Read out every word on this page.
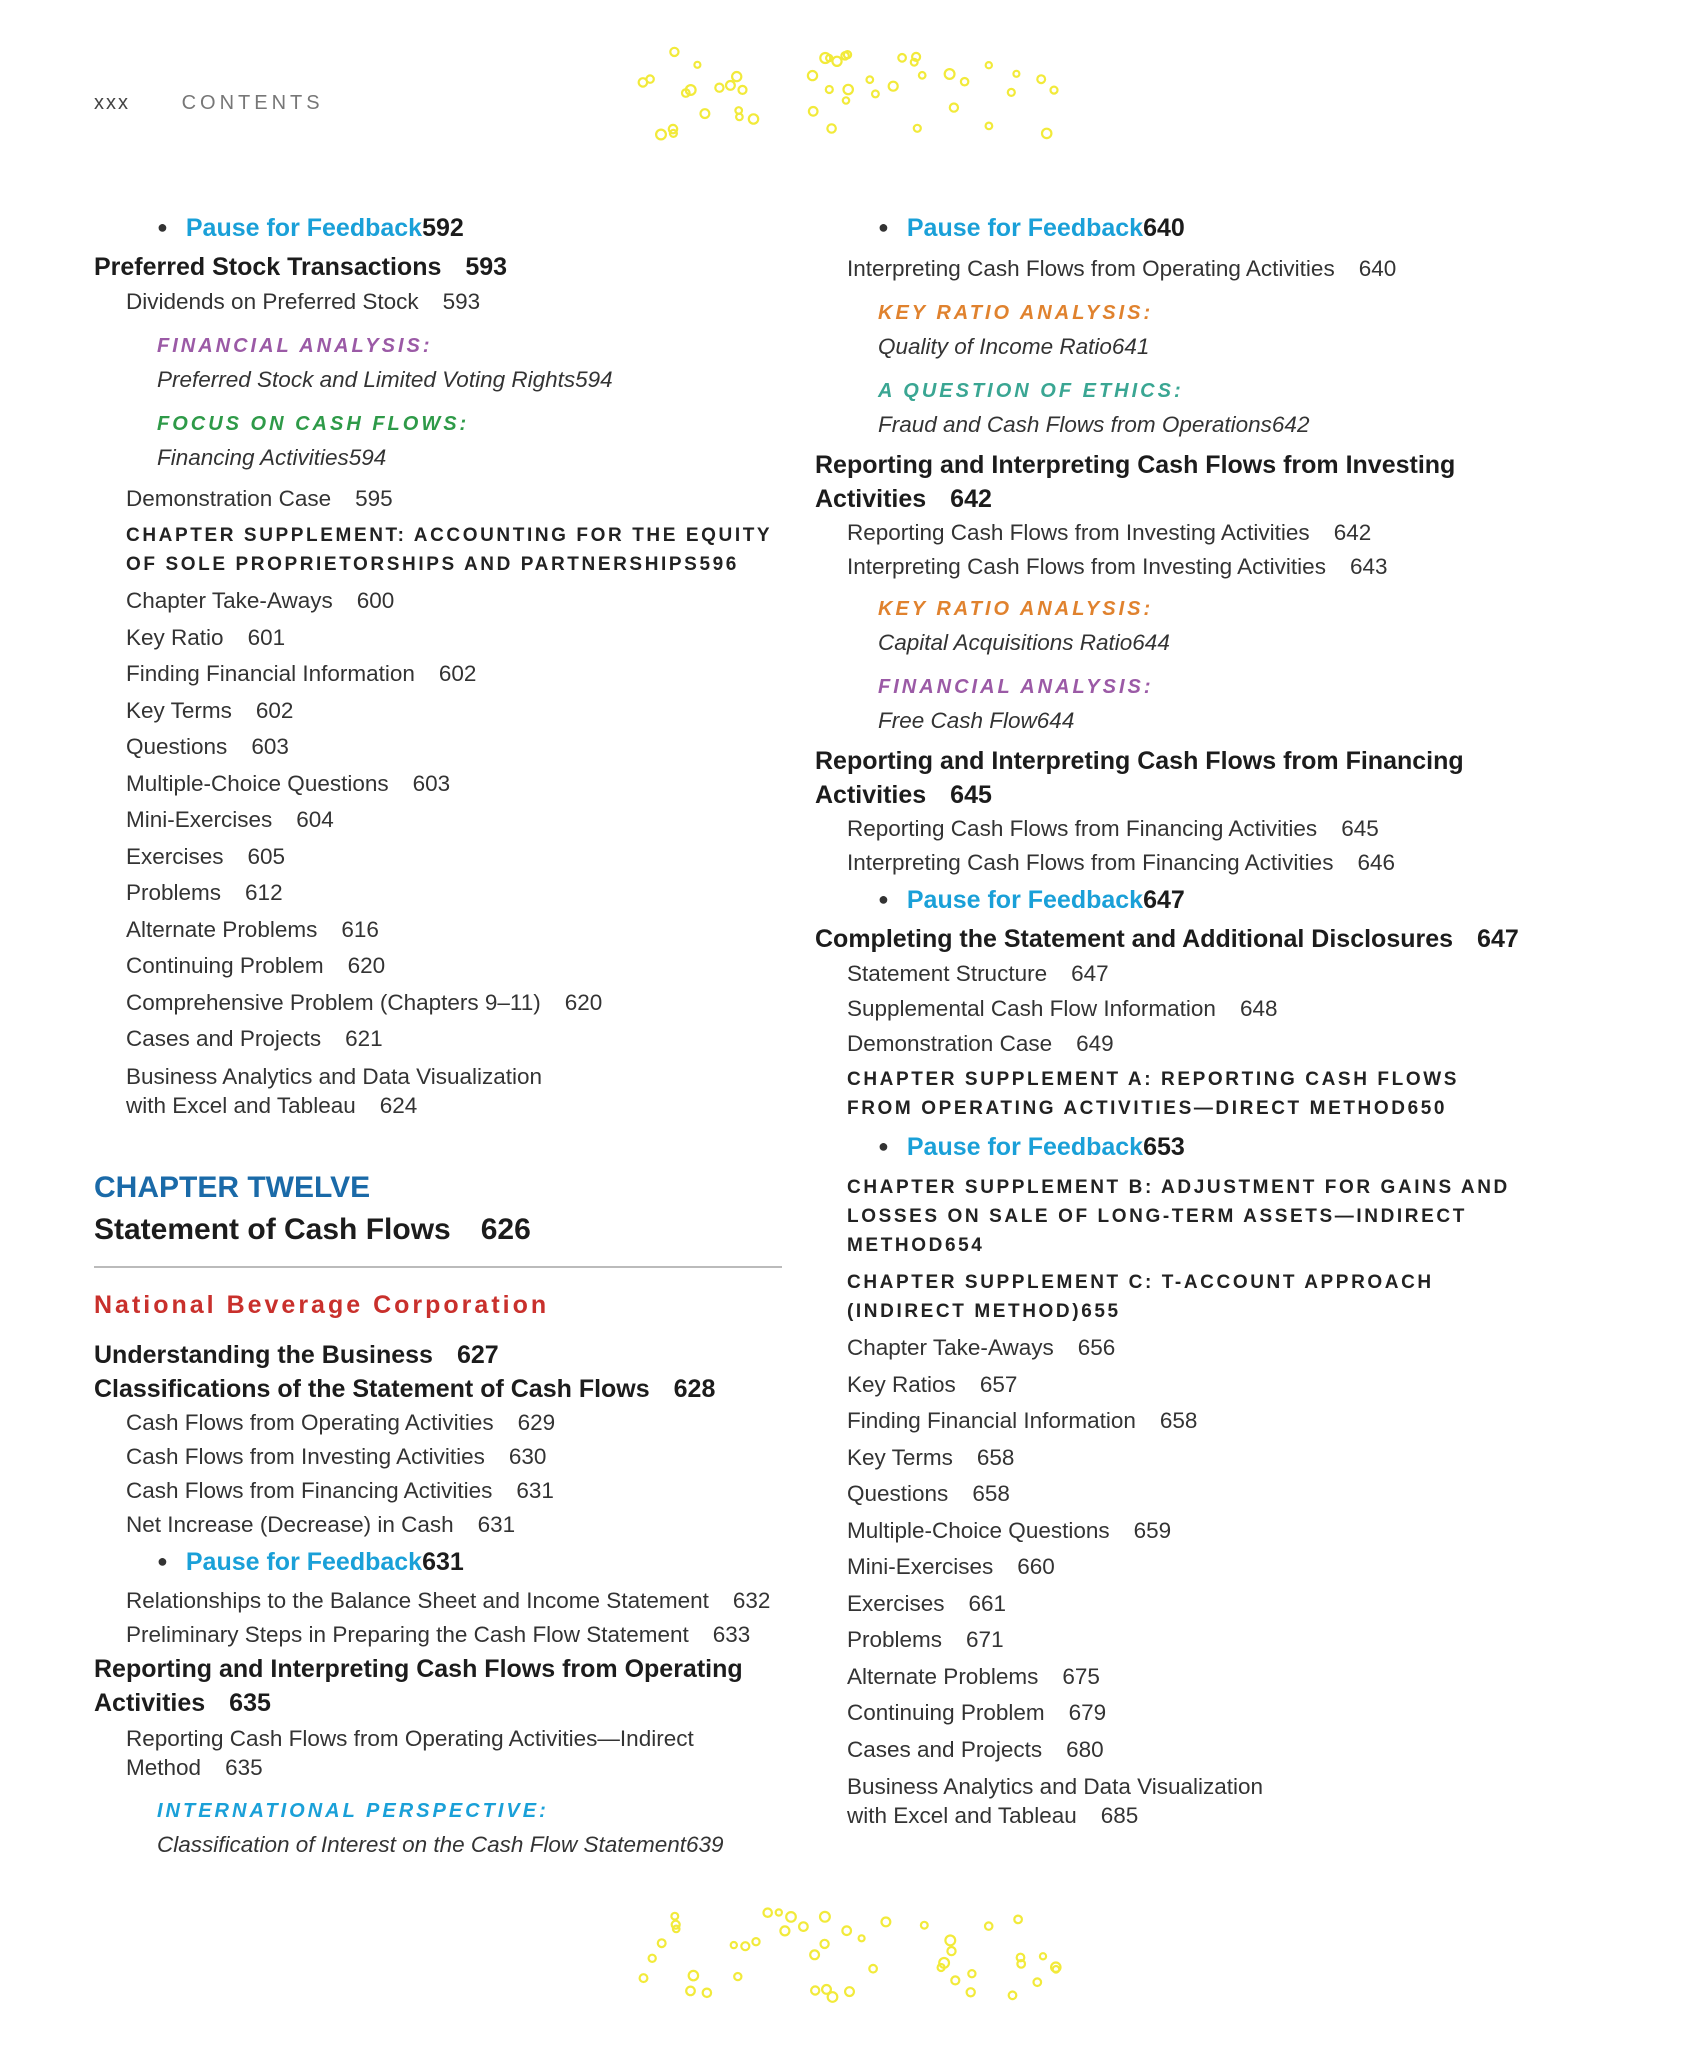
xxx	CONTENTS
● Pause for Feedback592
Preferred Stock Transactions 593
Dividends on Preferred Stock 593
FINANCIAL ANALYSIS:
Preferred Stock and Limited Voting Rights594
FOCUS ON CASH FLOWS:
Financing Activities594
Demonstration Case 595
CHAPTER SUPPLEMENT: ACCOUNTING FOR THE EQUITY
OF SOLE PROPRIETORSHIPS AND PARTNERSHIPS596
Chapter Take-Aways 600
Key Ratio 601
Finding Financial Information 602
Key Terms 602
Questions 603
Multiple-Choice Questions 603
Mini-Exercises 604
Exercises 605
Problems 612
Alternate Problems 616
Continuing Problem 620
Comprehensive Problem (Chapters 9–11) 620
Cases and Projects 621
Business Analytics and Data Visualization
with Excel and Tableau 624
CHAPTER TWELVE
Statement of Cash Flows 626
National Beverage Corporation
Understanding the Business 627
Classifications of the Statement of Cash Flows 628
Cash Flows from Operating Activities 629
Cash Flows from Investing Activities 630
Cash Flows from Financing Activities 631
Net Increase (Decrease) in Cash 631
● Pause for Feedback631
Relationships to the Balance Sheet and Income Statement 632
Preliminary Steps in Preparing the Cash Flow Statement 633
Reporting and Interpreting Cash Flows from Operating
Activities 635
Reporting Cash Flows from Operating Activities—Indirect
Method 635
INTERNATIONAL PERSPECTIVE:
Classification of Interest on the Cash Flow Statement639
● Pause for Feedback640
Interpreting Cash Flows from Operating Activities 640
KEY RATIO ANALYSIS:
Quality of Income Ratio641
A QUESTION OF ETHICS:
Fraud and Cash Flows from Operations642
Reporting and Interpreting Cash Flows from Investing
Activities 642
Reporting Cash Flows from Investing Activities 642
Interpreting Cash Flows from Investing Activities 643
KEY RATIO ANALYSIS:
Capital Acquisitions Ratio644
FINANCIAL ANALYSIS:
Free Cash Flow644
Reporting and Interpreting Cash Flows from Financing
Activities 645
Reporting Cash Flows from Financing Activities 645
Interpreting Cash Flows from Financing Activities 646
● Pause for Feedback647
Completing the Statement and Additional Disclosures 647
Statement Structure 647
Supplemental Cash Flow Information 648
Demonstration Case 649
CHAPTER SUPPLEMENT A: REPORTING CASH FLOWS
FROM OPERATING ACTIVITIES—DIRECT METHOD650
● Pause for Feedback653
CHAPTER SUPPLEMENT B: ADJUSTMENT FOR GAINS AND
LOSSES ON SALE OF LONG-TERM ASSETS—INDIRECT
METHOD654
CHAPTER SUPPLEMENT C: T-ACCOUNT APPROACH
(INDIRECT METHOD)655
Chapter Take-Aways 656
Key Ratios 657
Finding Financial Information 658
Key Terms 658
Questions 658
Multiple-Choice Questions 659
Mini-Exercises 660
Exercises 661
Problems 671
Alternate Problems 675
Continuing Problem 679
Cases and Projects 680
Business Analytics and Data Visualization
with Excel and Tableau 685
